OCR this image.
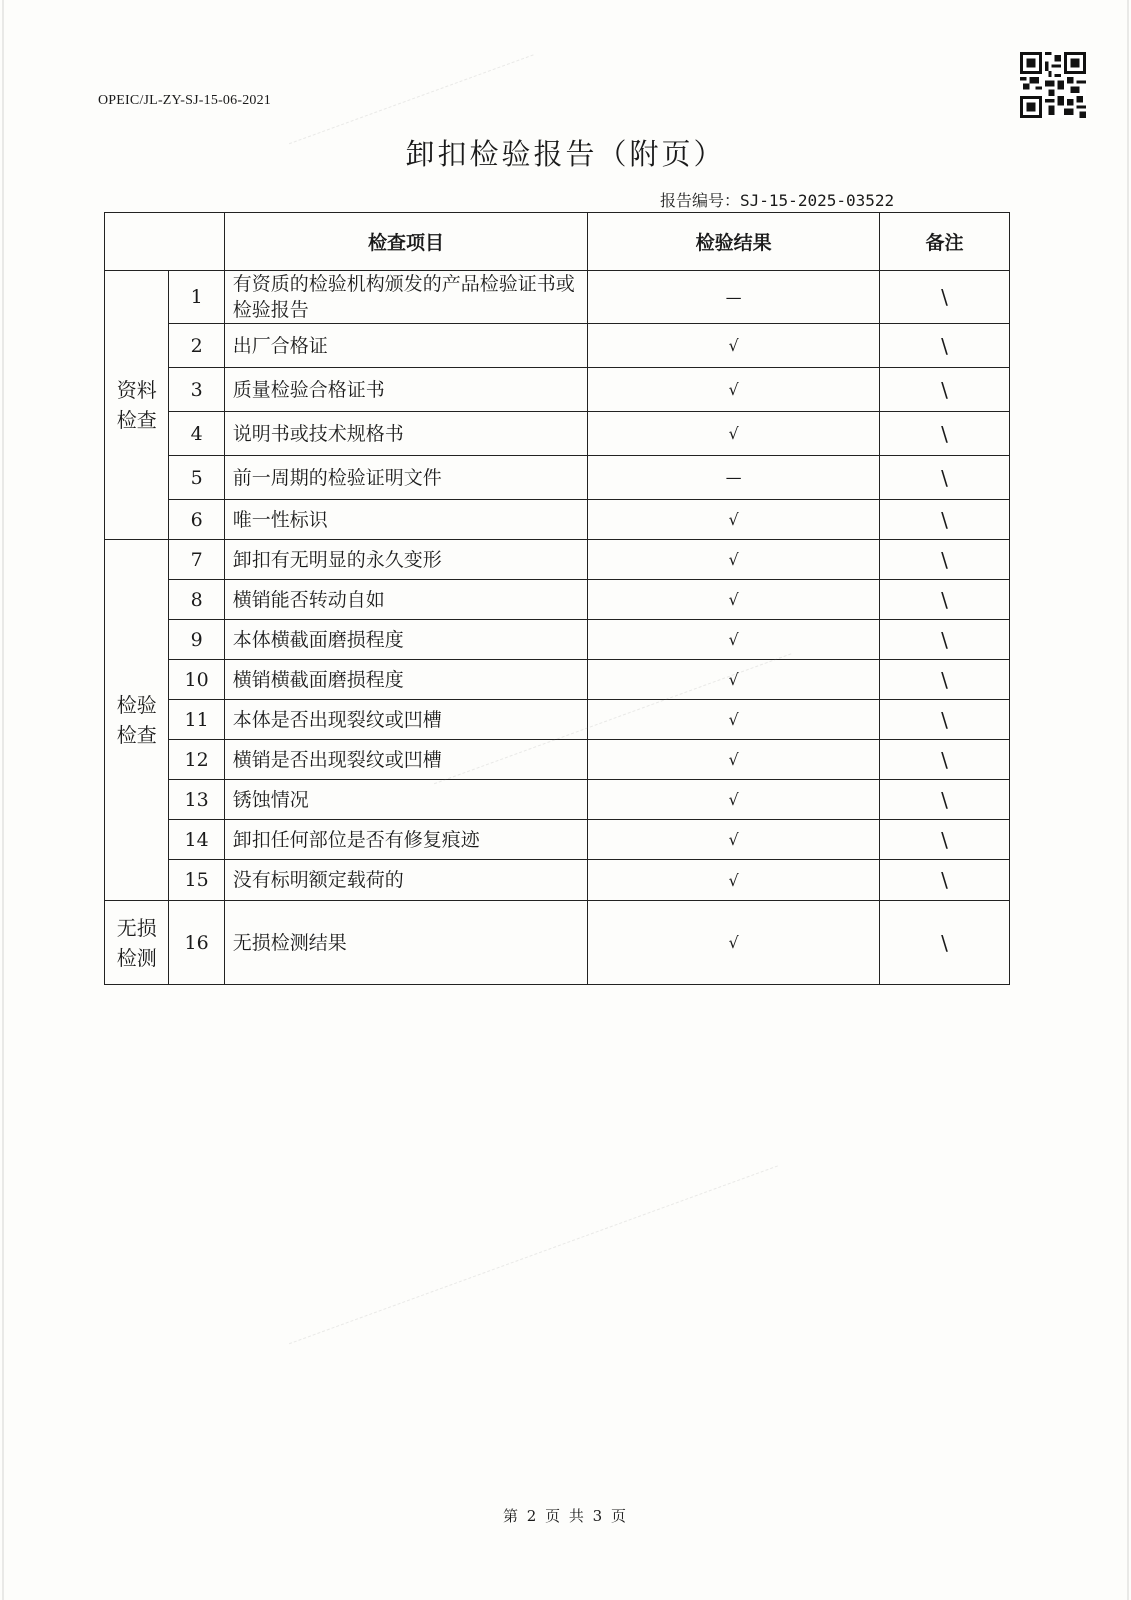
OPEIC/JL-ZY-SJ-15-06-2021
卸扣检验报告（附页）
报告编号：SJ-15-2025-03522
		检查项目	检验结果	备注
资料
检查	1	有资质的检验机构颁发的产品检验证书或检验报告	—	\
	2	出厂合格证	√	\
	3	质量检验合格证书	√	\
	4	说明书或技术规格书	√	\
	5	前一周期的检验证明文件	—	\
	6	唯一性标识	√	\
检验
检查	7	卸扣有无明显的永久变形	√	\
	8	横销能否转动自如	√	\
	9	本体横截面磨损程度	√	\
	10	横销横截面磨损程度	√	\
	11	本体是否出现裂纹或凹槽	√	\
	12	横销是否出现裂纹或凹槽	√	\
	13	锈蚀情况	√	\
	14	卸扣任何部位是否有修复痕迹	√	\
	15	没有标明额定载荷的	√	\
无损
检测	16	无损检测结果	√	\
第 2 页 共 3 页
